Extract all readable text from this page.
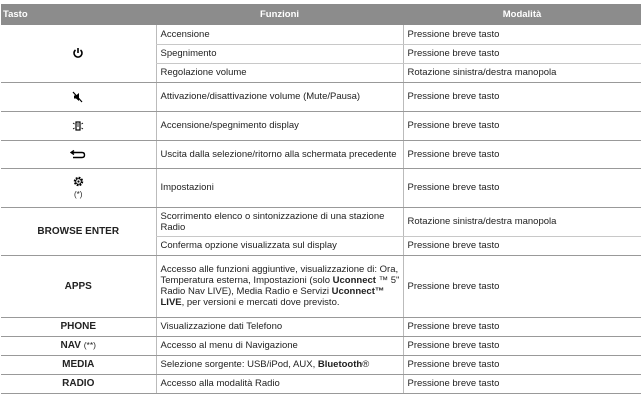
Tasto	Funzioni	Modalità
	Accensione	Pressione breve tasto
	Spegnimento	Pressione breve tasto
	Regolazione volume	Rotazione sinistra/destra manopola
	Attivazione/disattivazione volume (Mute/Pausa)	Pressione breve tasto
	Accensione/spegnimento display	Pressione breve tasto
	Uscita dalla selezione/ritorno alla schermata precedente	Pressione breve tasto

(*)	Impostazioni	Pressione breve tasto
BROWSE ENTER	Scorrimento elenco o sintonizzazione di una stazione Radio	Rotazione sinistra/destra manopola
	Conferma opzione visualizzata sul display	Pressione breve tasto
APPS	Accesso alle funzioni aggiuntive, visualizzazione di: Ora, Temperatura esterna, Impostazioni (solo Uconnect ™ 5" Radio Nav LIVE), Media Radio e Servizi Uconnect™ LIVE, per versioni e mercati dove previsto.	Pressione breve tasto
PHONE	Visualizzazione dati Telefono	Pressione breve tasto
NAV (**)	Accesso al menu di Navigazione	Pressione breve tasto
MEDIA	Selezione sorgente: USB/iPod, AUX, Bluetooth®	Pressione breve tasto
RADIO	Accesso alla modalità Radio	Pressione breve tasto
